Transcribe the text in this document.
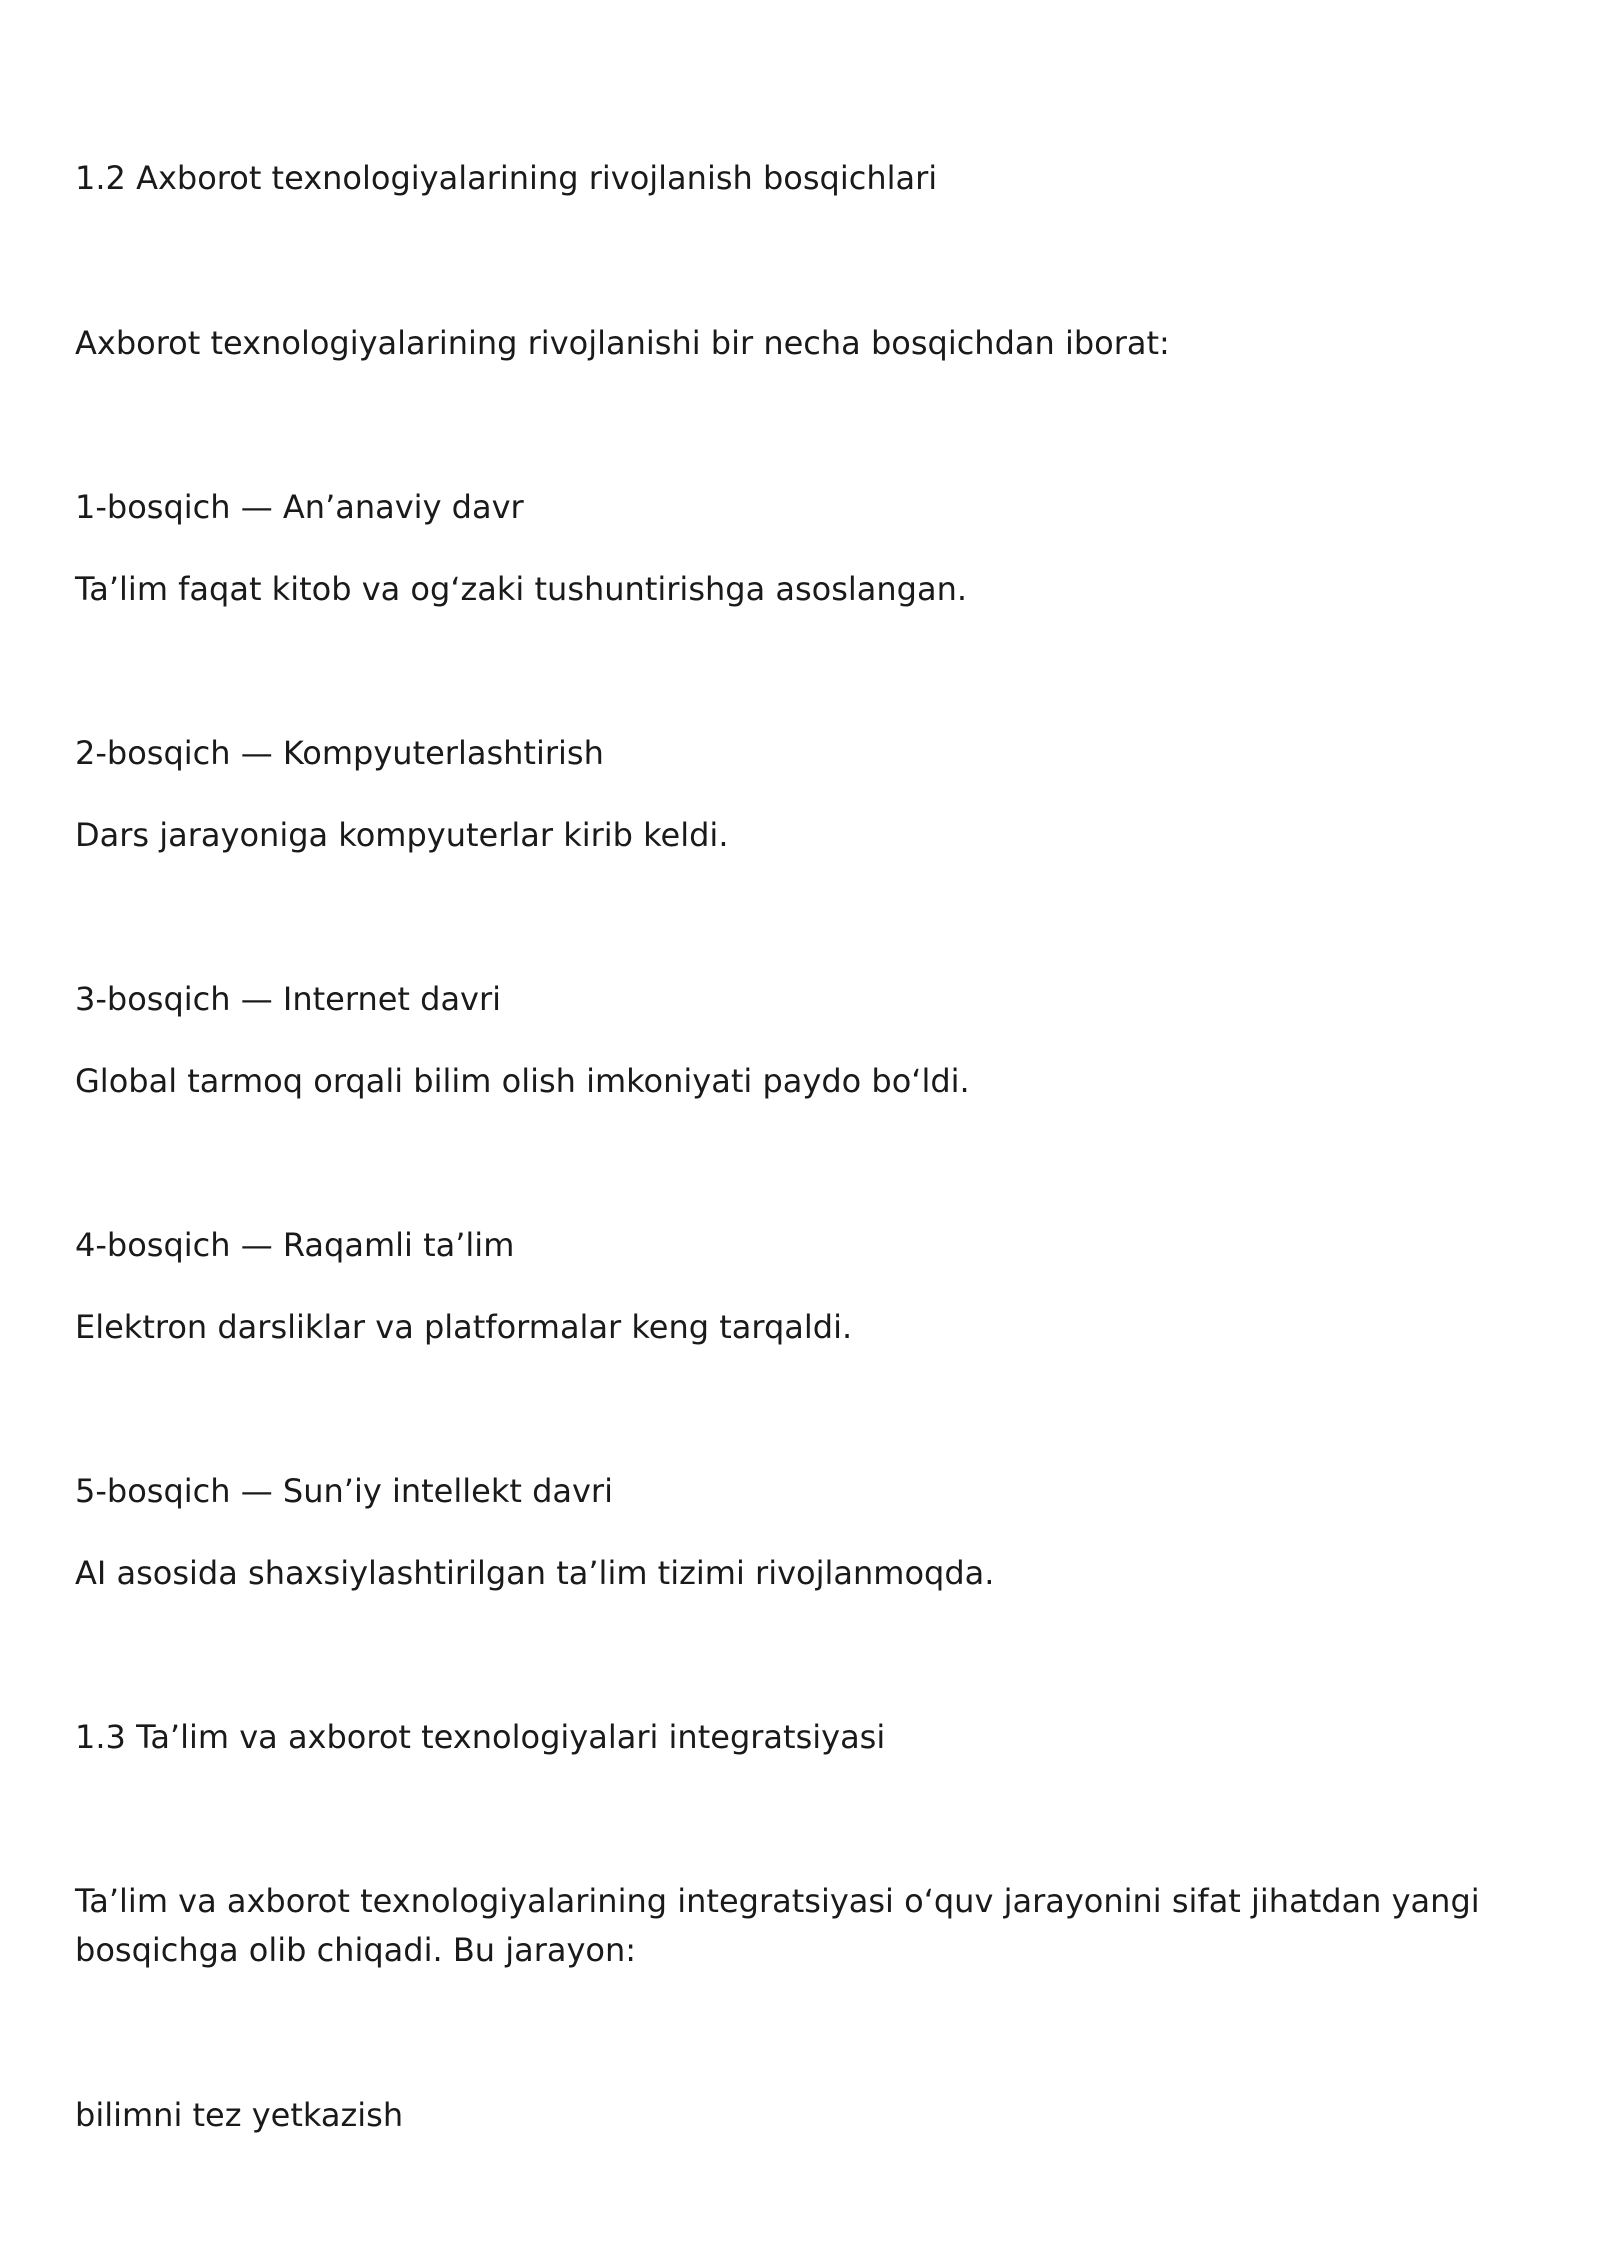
1.2 Axborot texnologiyalarining rivojlanish bosqichlari

Axborot texnologiyalarining rivojlanishi bir necha bosqichdan iborat:

1-bosqich — An’anaviy davr

Ta’lim faqat kitob va og‘zaki tushuntirishga asoslangan.

2-bosqich — Kompyuterlashtirish

Dars jarayoniga kompyuterlar kirib keldi.

3-bosqich — Internet davri

Global tarmoq orqali bilim olish imkoniyati paydo bo‘ldi.

4-bosqich — Raqamli ta’lim

Elektron darsliklar va platformalar keng tarqaldi.

5-bosqich — Sun’iy intellekt davri

AI asosida shaxsiylashtirilgan ta’lim tizimi rivojlanmoqda.

1.3 Ta’lim va axborot texnologiyalari integratsiyasi

Ta’lim va axborot texnologiyalarining integratsiyasi o‘quv jarayonini sifat jihatdan yangi

bosqichga olib chiqadi. Bu jarayon:

bilimni tez yetkazish
